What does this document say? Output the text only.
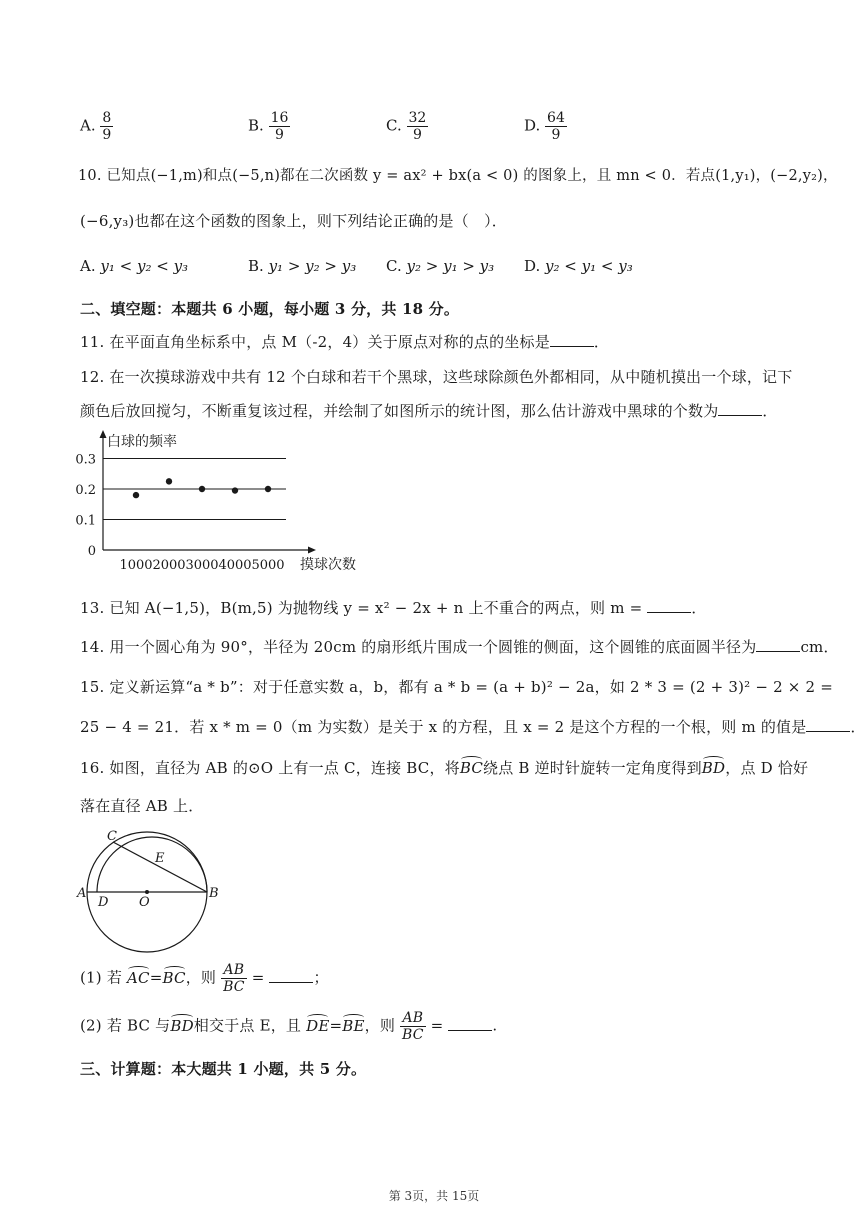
A. $\frac{8}{9}$	B. $\frac{16}{9}$	C. $\frac{32}{9}$	D. $\frac{64}{9}$
10. 已知点(−1,m)和点(−5,n)都在二次函数 y = ax² + bx(a < 0) 的图象上，且 mn < 0．若点(1,y₁)，(−2,y₂)，
(−6,y₃)也都在这个函数的图象上，则下列结论正确的是（　）．
A. y₁ < y₂ < y₃	B. y₁ > y₂ > y₃ C. y₂ > y₁ > y₃ D. y₂ < y₁ < y₃
二、填空题：本题共 6 小题，每小题 3 分，共 18 分。
11. 在平面直角坐标系中，点 M（-2，4）关于原点对称的点的坐标是	．
12. 在一次摸球游戏中共有 12 个白球和若干个黑球，这些球除颜色外都相同，从中随机摸出一个球，记下
颜色后放回搅匀，不断重复该过程，并绘制了如图所示的统计图，那么估计游戏中黑球的个数为	．
白球的频率
摸球次数
0
0.1
0.2
0.3
1000 2000 3000 4000 5000
13. 已知 A(−1,5)，B(m,5) 为抛物线 y = x² − 2x + n 上不重合的两点，则 m =	．
14. 用一个圆心角为 90°，半径为 20cm 的扇形纸片围成一个圆锥的侧面，这个圆锥的底面圆半径为	cm．
15. 定义新运算“a * b”：对于任意实数 a，b，都有 a * b = (a + b)² − 2a，如 2 * 3 = (2 + 3)² − 2 × 2 =
25 − 4 = 21．若 x * m = 0（m 为实数）是关于 x 的方程，且 x = 2 是这个方程的一个根，则 m 的值是	．
16. 如图，直径为 AB 的⊙O 上有一点 C，连接 BC，将BC绕点 B 逆时针旋转一定角度得到BD，点 D 恰好
落在直径 AB 上．
C
E
A
D O
B
(1) 若 AC=BC，则 $\frac{AB}{BC}$ =	；
(2) 若 BC 与BD相交于点 E，且 DE=BE，则 $\frac{AB}{BC}$ =	.
三、计算题：本大题共 1 小题，共 5 分。
第 3页，共 15页
